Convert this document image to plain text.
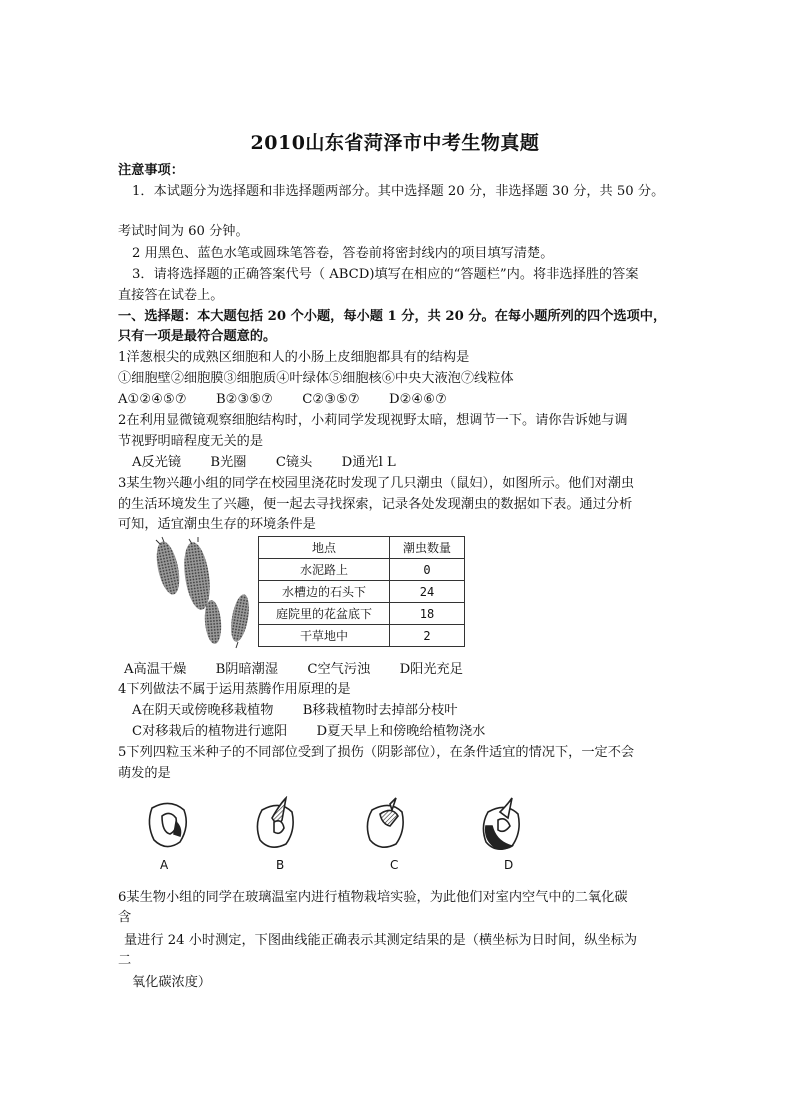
2010山东省菏泽市中考生物真题
注意事项：
1．本试题分为选择题和非选择题两部分。其中选择题 20 分，非选择题 30 分，共 50 分。
考试时间为 60 分钟。
2 用黑色、蓝色水笔或圆珠笔答卷，答卷前将密封线内的项目填写清楚。
3．请将选择题的正确答案代号（ ABCD)填写在相应的“答题栏”内。将非选择胜的答案
直接答在试卷上。
一、选择题：本大题包括 20 个小题，每小题 1 分，共 20 分。在每小题所列的四个选项中，
只有一项是最符合题意的。
1洋葱根尖的成熟区细胞和人的小肠上皮细胞都具有的结构是
①细胞壁②细胞膜③细胞质④叶绿体⑤细胞核⑥中央大液泡⑦线粒体
A①②④⑤⑦       B②③⑤⑦       C②③⑤⑦       D②④⑥⑦
2在利用显微镜观察细胞结构时，小莉同学发现视野太暗，想调节一下。请你告诉她与调
节视野明暗程度无关的是
A反光镜       B光圈       C镜头       D通光l L
3某生物兴趣小组的同学在校园里浇花时发现了几只潮虫（鼠妇），如图所示。他们对潮虫
的生活环境发生了兴趣，便一起去寻找探索，记录各处发现潮虫的数据如下表。通过分析
可知，适宜潮虫生存的环境条件是
地点	潮虫数量
水泥路上	0
水槽边的石头下	24
庭院里的花盆底下	18
干草地中	2
A高温干燥       B阴暗潮湿       C空气污浊       D阳光充足
4下列做法不属于运用蒸腾作用原理的是
A在阴天或傍晚移栽植物       B移栽植物时去掉部分枝叶
C对移栽后的植物进行遮阳       D夏天早上和傍晚给植物浇水
5下列四粒玉米种子的不同部位受到了损伤（阴影部位），在条件适宜的情况下，一定不会
萌发的是
A	B	C	D
6某生物小组的同学在玻璃温室内进行植物栽培实验，为此他们对室内空气中的二氧化碳
含
量进行 24 小时测定，下图曲线能正确表示其测定结果的是（横坐标为日时间，纵坐标为
二
氧化碳浓度）
